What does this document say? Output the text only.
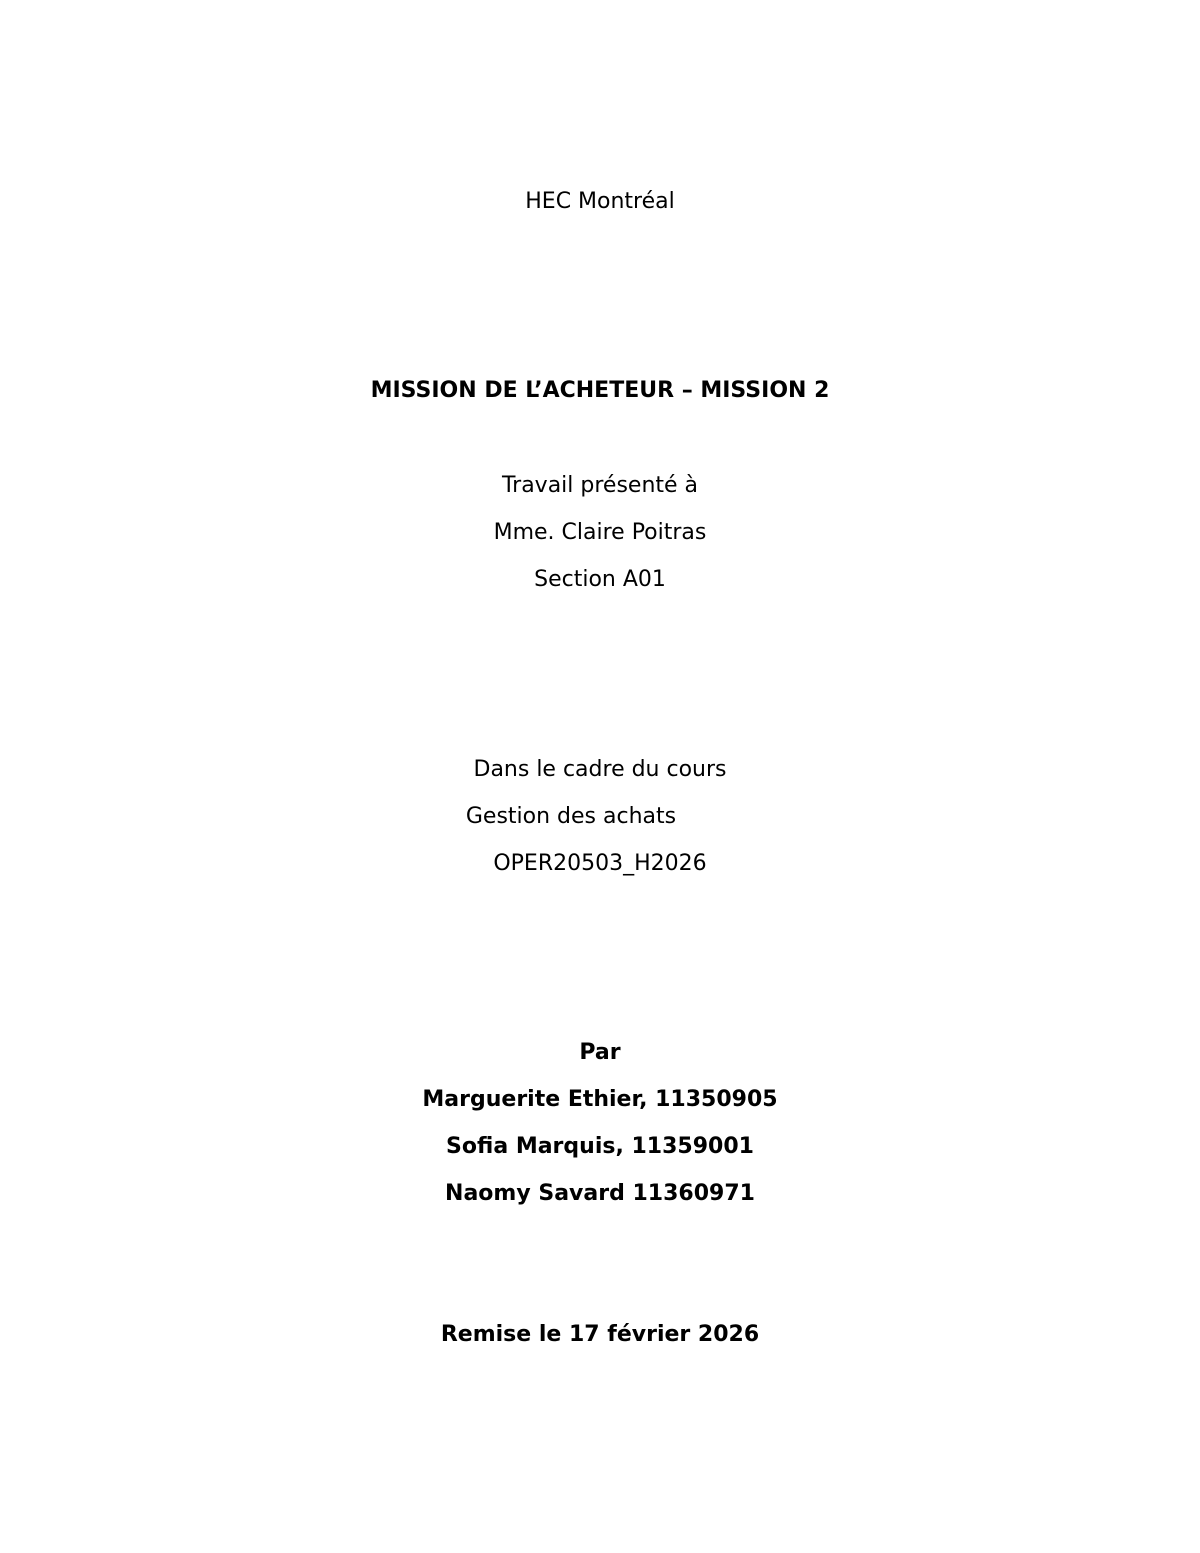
HEC Montréal
MISSION DE L’ACHETEUR – MISSION 2
Travail présenté à
Mme. Claire Poitras
Section A01
Dans le cadre du cours
Gestion des achats
OPER20503_H2026
Par
Marguerite Ethier, 11350905
Sofia Marquis, 11359001
Naomy Savard 11360971
Remise le 17 février 2026
